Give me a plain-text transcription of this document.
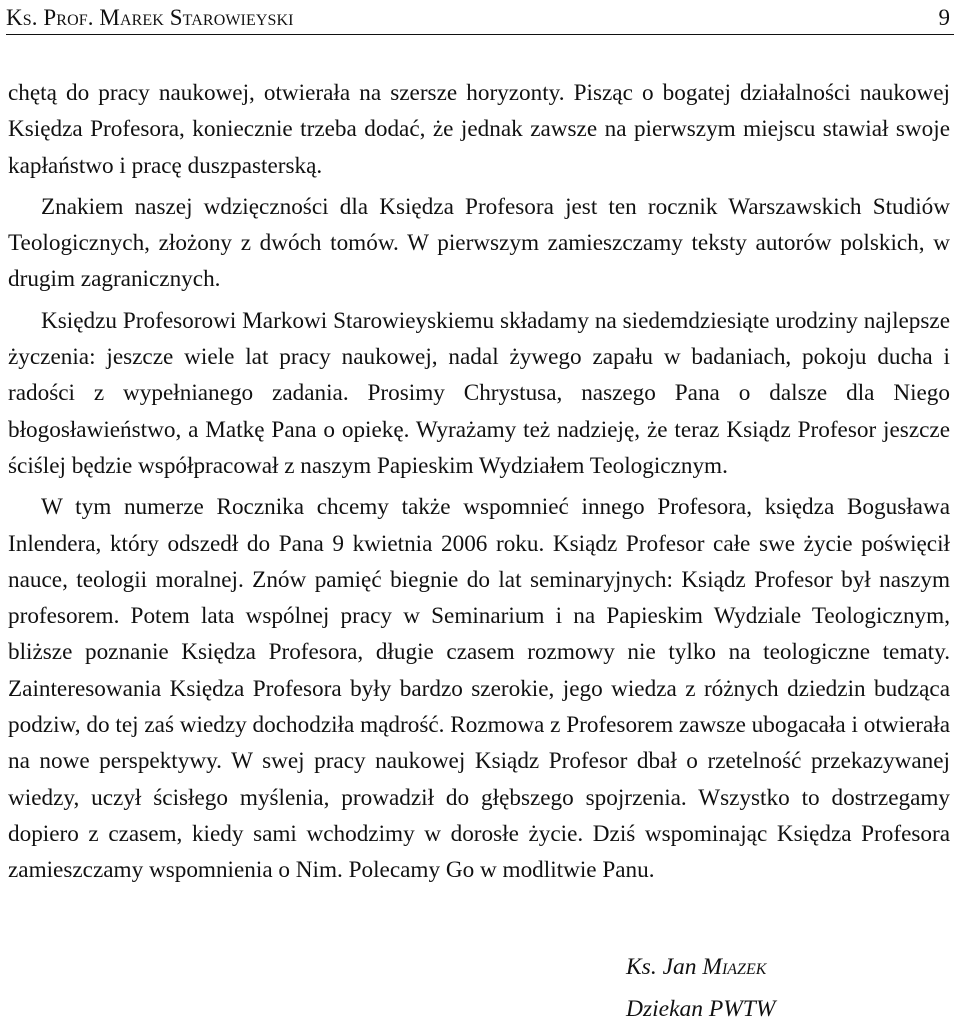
Ks. Prof. Marek Starowieyski	9

chętą do pracy naukowej, otwierała na szersze horyzonty. Pisząc o bogatej działalności naukowej Księdza Profesora, koniecznie trzeba dodać, że jednak zawsze na pierwszym miejscu stawiał swoje kapłaństwo i pracę duszpasterską.

Znakiem naszej wdzięczności dla Księdza Profesora jest ten rocznik Warszawskich Studiów Teologicznych, złożony z dwóch tomów. W pierwszym zamieszczamy teksty autorów polskich, w drugim zagranicznych.

Księdzu Profesorowi Markowi Starowieyskiemu składamy na siedemdziesiąte urodziny najlepsze życzenia: jeszcze wiele lat pracy naukowej, nadal żywego zapału w badaniach, pokoju ducha i radości z wypełnianego zadania. Prosimy Chrystusa, naszego Pana o dalsze dla Niego błogosławieństwo, a Matkę Pana o opiekę. Wyrażamy też nadzieję, że teraz Ksiądz Profesor jeszcze ściślej będzie współpracował z naszym Papieskim Wydziałem Teologicznym.

W tym numerze Rocznika chcemy także wspomnieć innego Profesora, księdza Bogusława Inlendera, który odszedł do Pana 9 kwietnia 2006 roku. Ksiądz Profesor całe swe życie poświęcił nauce, teologii moralnej. Znów pamięć biegnie do lat seminaryjnych: Ksiądz Profesor był naszym profesorem. Potem lata wspólnej pracy w Seminarium i na Papieskim Wydziale Teologicznym, bliższe poznanie Księdza Profesora, długie czasem rozmowy nie tylko na teologiczne tematy. Zainteresowania Księdza Profesora były bardzo szerokie, jego wiedza z różnych dziedzin budząca podziw, do tej zaś wiedzy dochodziła mądrość. Rozmowa z Profesorem zawsze ubogacała i otwierała na nowe perspektywy. W swej pracy naukowej Ksiądz Profesor dbał o rzetelność przekazywanej wiedzy, uczył ścisłego myślenia, prowadził do głębszego spojrzenia. Wszystko to dostrzegamy dopiero z czasem, kiedy sami wchodzimy w dorosłe życie. Dziś wspominając Księdza Profesora zamieszczamy wspomnienia o Nim. Polecamy Go w modlitwie Panu.

Ks. Jan Miazek
Dziekan PWTW
